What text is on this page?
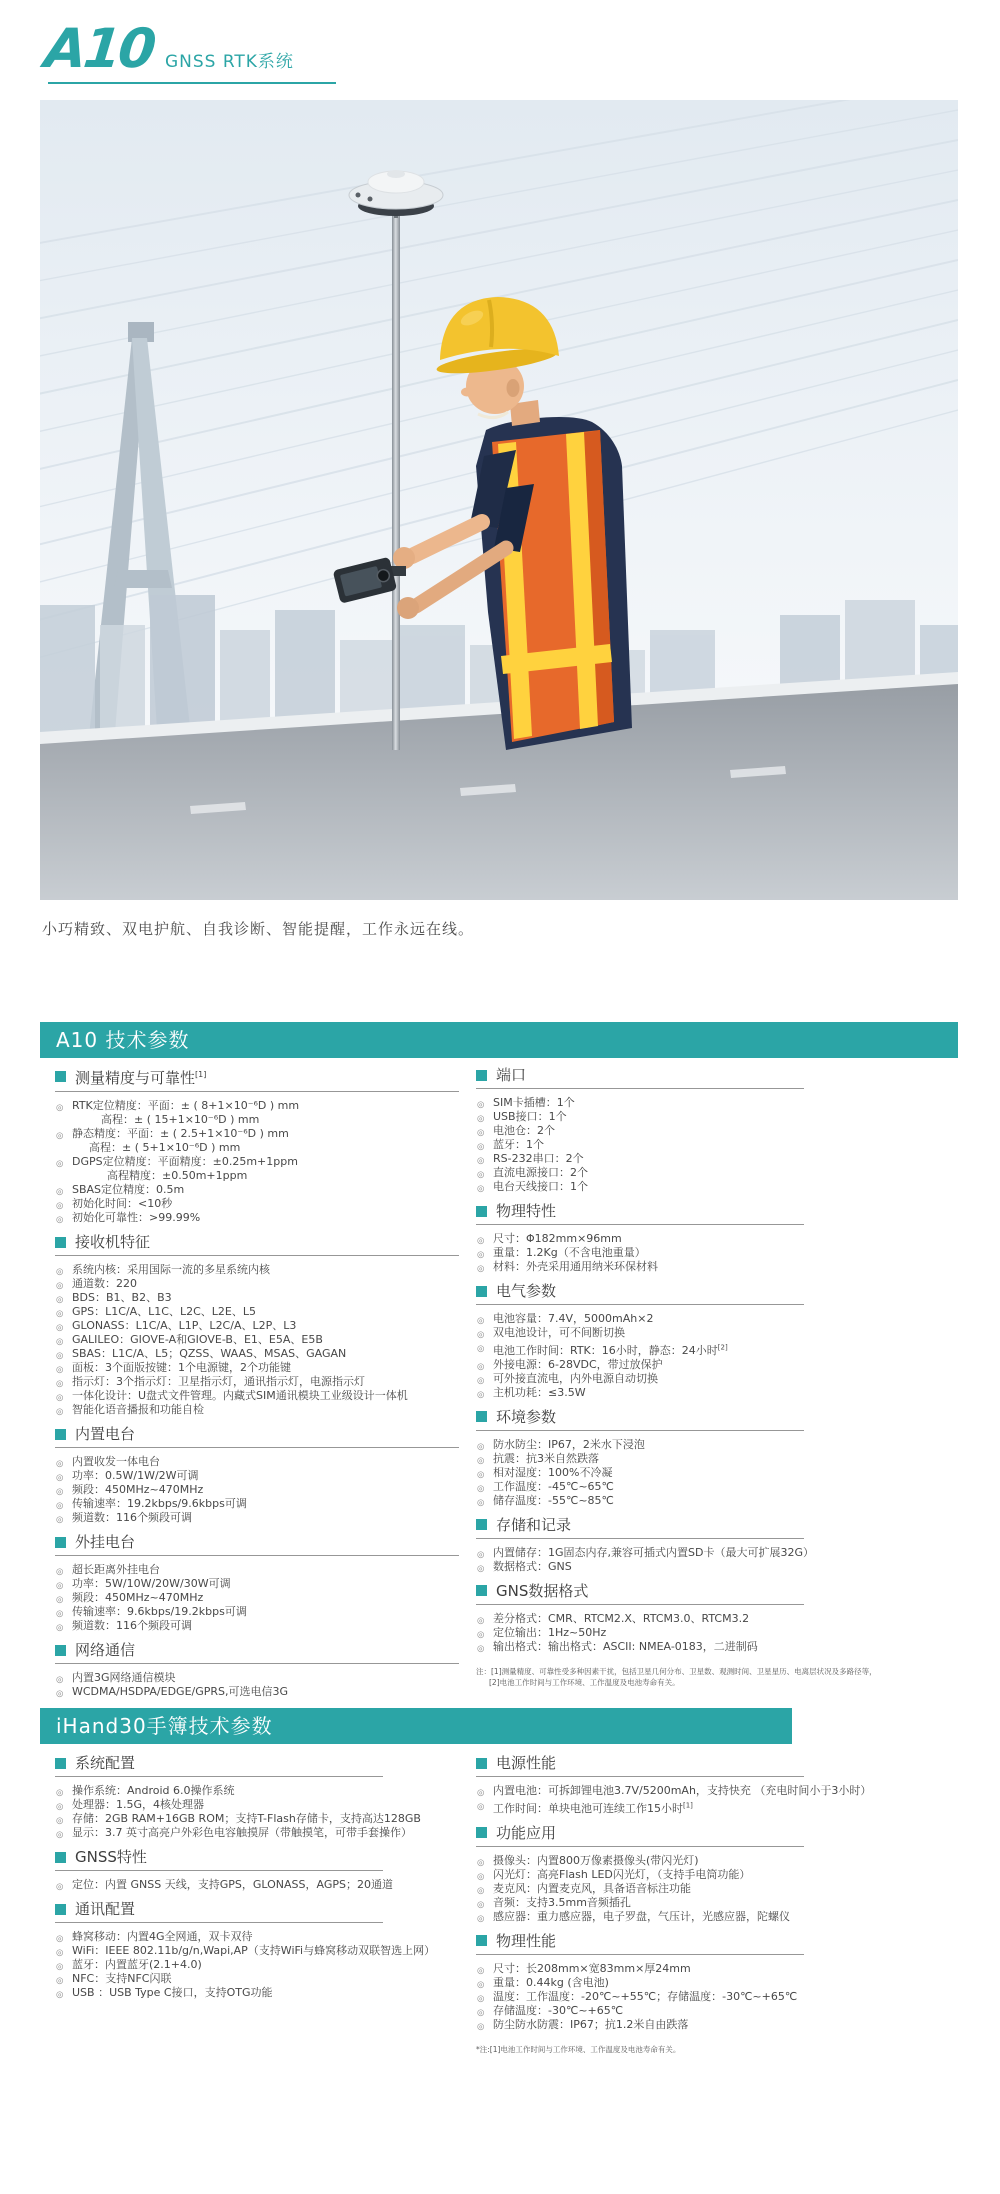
A10 GNSS RTK系统
小巧精致、双电护航、自我诊断、智能提醒，工作永远在线。
A10 技术参数
测量精度与可靠性[1]
◎ RTK定位精度：平面：± ( 8+1×10⁻⁶D ) mm
高程：± ( 15+1×10⁻⁶D ) mm
◎ 静态精度：平面：± ( 2.5+1×10⁻⁶D ) mm
高程：± ( 5+1×10⁻⁶D ) mm
◎ DGPS定位精度：平面精度：±0.25m+1ppm
高程精度：±0.50m+1ppm
◎ SBAS定位精度：0.5m
◎ 初始化时间：<10秒
◎ 初始化可靠性：>99.99%
接收机特征
◎ 系统内核：采用国际一流的多星系统内核
◎ 通道数：220
◎ BDS：B1、B2、B3
◎ GPS：L1C/A、L1C、L2C、L2E、L5
◎ GLONASS：L1C/A、L1P、L2C/A、L2P、L3
◎ GALILEO：GIOVE-A和GIOVE-B、E1、E5A、E5B
◎ SBAS：L1C/A、L5；QZSS、WAAS、MSAS、GAGAN
◎ 面板：3个面版按键：1个电源键，2个功能键
◎ 指示灯：3个指示灯：卫星指示灯，通讯指示灯，电源指示灯
◎ 一体化设计：U盘式文件管理。内藏式SIM通讯模块工业级设计一体机
◎ 智能化语音播报和功能自检
内置电台
◎ 内置收发一体电台
◎ 功率：0.5W/1W/2W可调
◎ 频段：450MHz~470MHz
◎ 传输速率：19.2kbps/9.6kbps可调
◎ 频道数：116个频段可调
外挂电台
◎ 超长距离外挂电台
◎ 功率：5W/10W/20W/30W可调
◎ 频段：450MHz~470MHz
◎ 传输速率：9.6kbps/19.2kbps可调
◎ 频道数：116个频段可调
网络通信
◎ 内置3G网络通信模块
◎ WCDMA/HSDPA/EDGE/GPRS,可选电信3G
端口
◎ SIM卡插槽：1个
◎ USB接口：1个
◎ 电池仓：2个
◎ 蓝牙：1个
◎ RS-232串口：2个
◎ 直流电源接口：2个
◎ 电台天线接口：1个
物理特性
◎ 尺寸：Φ182mm×96mm
◎ 重量：1.2Kg（不含电池重量）
◎ 材料：外壳采用通用纳米环保材料
电气参数
◎ 电池容量：7.4V，5000mAh×2
◎ 双电池设计，可不间断切换
◎ 电池工作时间：RTK：16小时，静态：24小时[2]
◎ 外接电源：6-28VDC，带过放保护
◎ 可外接直流电，内外电源自动切换
◎ 主机功耗：≤3.5W
环境参数
◎ 防水防尘：IP67，2米水下浸泡
◎ 抗震：抗3米自然跌落
◎ 相对湿度：100%不冷凝
◎ 工作温度：-45℃~65℃
◎ 储存温度：-55℃~85℃
存储和记录
◎ 内置储存：1G固态内存,兼容可插式内置SD卡（最大可扩展32G）
◎ 数据格式：GNS
GNS数据格式
◎ 差分格式：CMR、RTCM2.X、RTCM3.0、RTCM3.2
◎ 定位输出：1Hz~50Hz
◎ 输出格式：输出格式：ASCII: NMEA-0183，二进制码
注：[1]测量精度、可靠性受多种因素干扰，包括卫星几何分布、卫星数、观测时间、卫星星历、电离层状况及多路径等，
[2]电池工作时间与工作环境、工作温度及电池寿命有关。
iHand30手簿技术参数
系统配置
◎ 操作系统：Android 6.0操作系统
◎ 处理器：1.5G，4核处理器
◎ 存储：2GB RAM+16GB ROM；支持T-Flash存储卡，支持高达128GB
◎ 显示：3.7 英寸高亮户外彩色电容触摸屏（带触摸笔，可带手套操作）
GNSS特性
◎ 定位：内置 GNSS 天线，支持GPS，GLONASS，AGPS；20通道
通讯配置
◎ 蜂窝移动：内置4G全网通，双卡双待
◎ WiFi：IEEE 802.11b/g/n,Wapi,AP（支持WiFi与蜂窝移动双联智选上网）
◎ 蓝牙：内置蓝牙(2.1+4.0)
◎ NFC：支持NFC闪联
◎ USB ：USB Type C接口，支持OTG功能
电源性能
◎ 内置电池：可拆卸锂电池3.7V/5200mAh，支持快充 （充电时间小于3小时）
◎ 工作时间：单块电池可连续工作15小时[1]
功能应用
◎ 摄像头：内置800万像素摄像头(带闪光灯)
◎ 闪光灯：高亮Flash LED闪光灯，（支持手电筒功能）
◎ 麦克风：内置麦克风，具备语音标注功能
◎ 音频：支持3.5mm音频插孔
◎ 感应器：重力感应器，电子罗盘，气压计，光感应器，陀螺仪
物理性能
◎ 尺寸：长208mm×宽83mm×厚24mm
◎ 重量：0.44kg (含电池)
◎ 温度：工作温度：-20℃~+55℃；存储温度：-30℃~+65℃
◎ 存储温度：-30℃~+65℃
◎ 防尘防水防震：IP67；抗1.2米自由跌落
*注:[1]电池工作时间与工作环境、工作温度及电池寿命有关。
